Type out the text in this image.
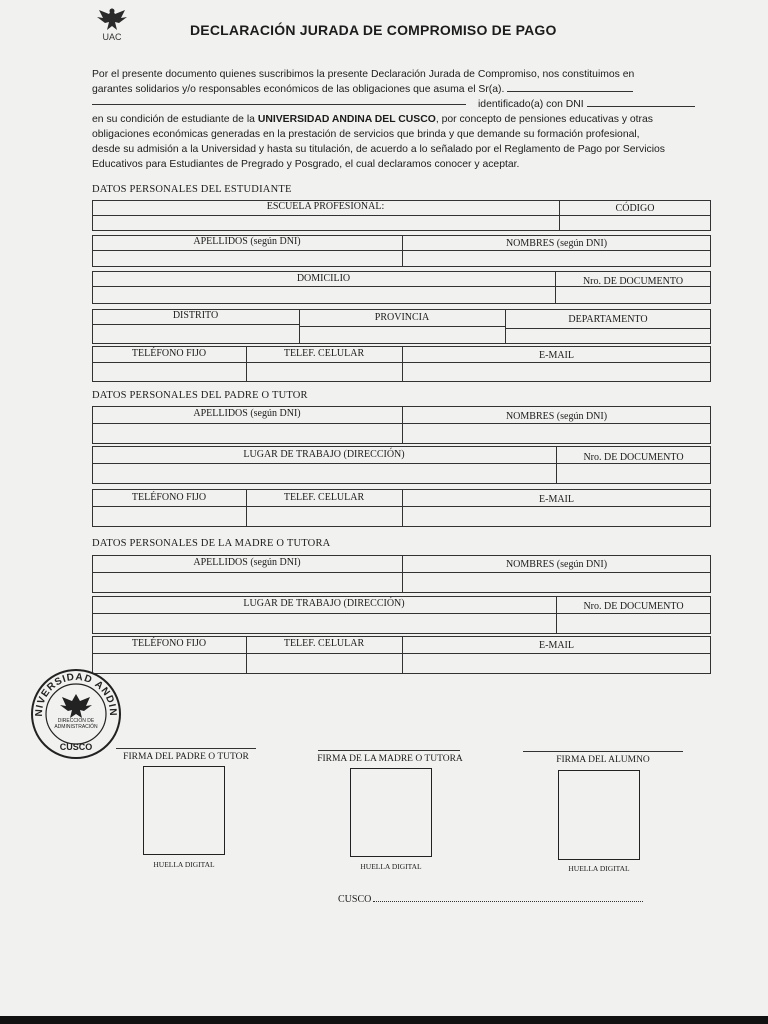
UAC	DECLARACIÓN JURADA DE COMPROMISO DE PAGO
Por el presente documento quienes suscribimos la presente Declaración Jurada de Compromiso, nos constituimos en
garantes solidarios y/o responsables económicos de las obligaciones que asuma el Sr(a).
identificado(a) con DNI
en su condición de estudiante de la UNIVERSIDAD ANDINA DEL CUSCO, por concepto de pensiones educativas y otras
obligaciones económicas generadas en la prestación de servicios que brinda y que demande su formación profesional,
desde su admisión a la Universidad y hasta su titulación, de acuerdo a lo señalado por el Reglamento de Pago por Servicios
Educativos para Estudiantes de Pregrado y Posgrado, el cual declaramos conocer y aceptar.
DATOS PERSONALES DEL ESTUDIANTE
ESCUELA PROFESIONAL:	CÓDIGO
APELLIDOS (según DNI)	NOMBRES (según DNI)
DOMICILIO	Nro. DE DOCUMENTO
DISTRITO	PROVINCIA	DEPARTAMENTO
TELÉFONO FIJO	TELEF. CELULAR	E-MAIL
DATOS PERSONALES DEL PADRE O TUTOR
APELLIDOS (según DNI)	NOMBRES (según DNI)
LUGAR DE TRABAJO (DIRECCIÓN)	Nro. DE DOCUMENTO
TELÉFONO FIJO	TELEF. CELULAR	E-MAIL
DATOS PERSONALES DE LA MADRE O TUTORA
APELLIDOS (según DNI)	NOMBRES (según DNI)
LUGAR DE TRABAJO (DIRECCIÓN)	Nro. DE DOCUMENTO
TELÉFONO FIJO	TELEF. CELULAR	E-MAIL
NIVERSIDAD ANDIN
DIRECCIÓN DE ADMINISTRACIÓN
CUSCO
FIRMA DEL PADRE O TUTOR
HUELLA DIGITAL
FIRMA DE LA MADRE O TUTORA
HUELLA DIGITAL
FIRMA DEL ALUMNO
HUELLA DIGITAL
CUSCO
